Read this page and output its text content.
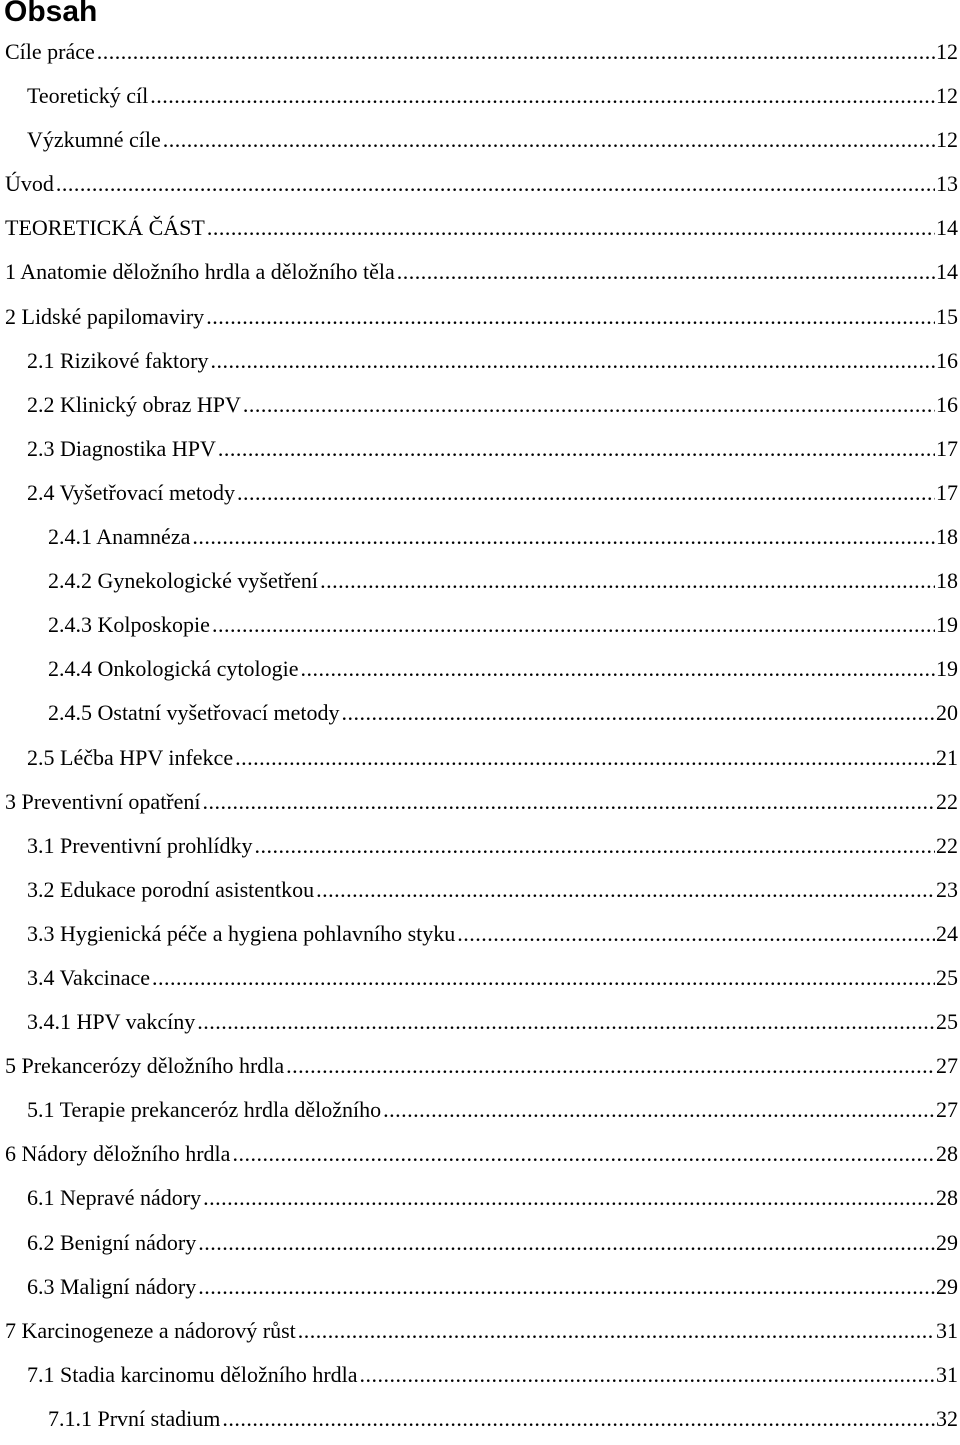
Obsah
Cíle práce .....	12
Teoretický cíl .....	12
Výzkumné cíle .....	12
Úvod .....	13
TEORETICKÁ ČÁST .....	14
1 Anatomie děložního hrdla a děložního těla .....	14
2 Lidské papilomaviry .....	15
2.1 Rizikové faktory .....	16
2.2 Klinický obraz HPV .....	16
2.3 Diagnostika HPV .....	17
2.4 Vyšetřovací metody .....	17
2.4.1 Anamnéza .....	18
2.4.2 Gynekologické vyšetření .....	18
2.4.3 Kolposkopie .....	19
2.4.4 Onkologická cytologie .....	19
2.4.5 Ostatní vyšetřovací metody .....	20
2.5 Léčba HPV infekce .....	21
3 Preventivní opatření .....	22
3.1 Preventivní prohlídky .....	22
3.2 Edukace porodní asistentkou .....	23
3.3 Hygienická péče a hygiena pohlavního styku .....	24
3.4 Vakcinace .....	25
3.4.1 HPV vakcíny .....	25
5 Prekancerózy děložního hrdla .....	27
5.1 Terapie prekanceróz hrdla děložního .....	27
6 Nádory děložního hrdla .....	28
6.1 Nepravé nádory .....	28
6.2 Benigní nádory .....	29
6.3 Maligní nádory .....	29
7 Karcinogeneze a nádorový růst .....	31
7.1 Stadia karcinomu děložního hrdla .....	31
7.1.1 První stadium .....	32
